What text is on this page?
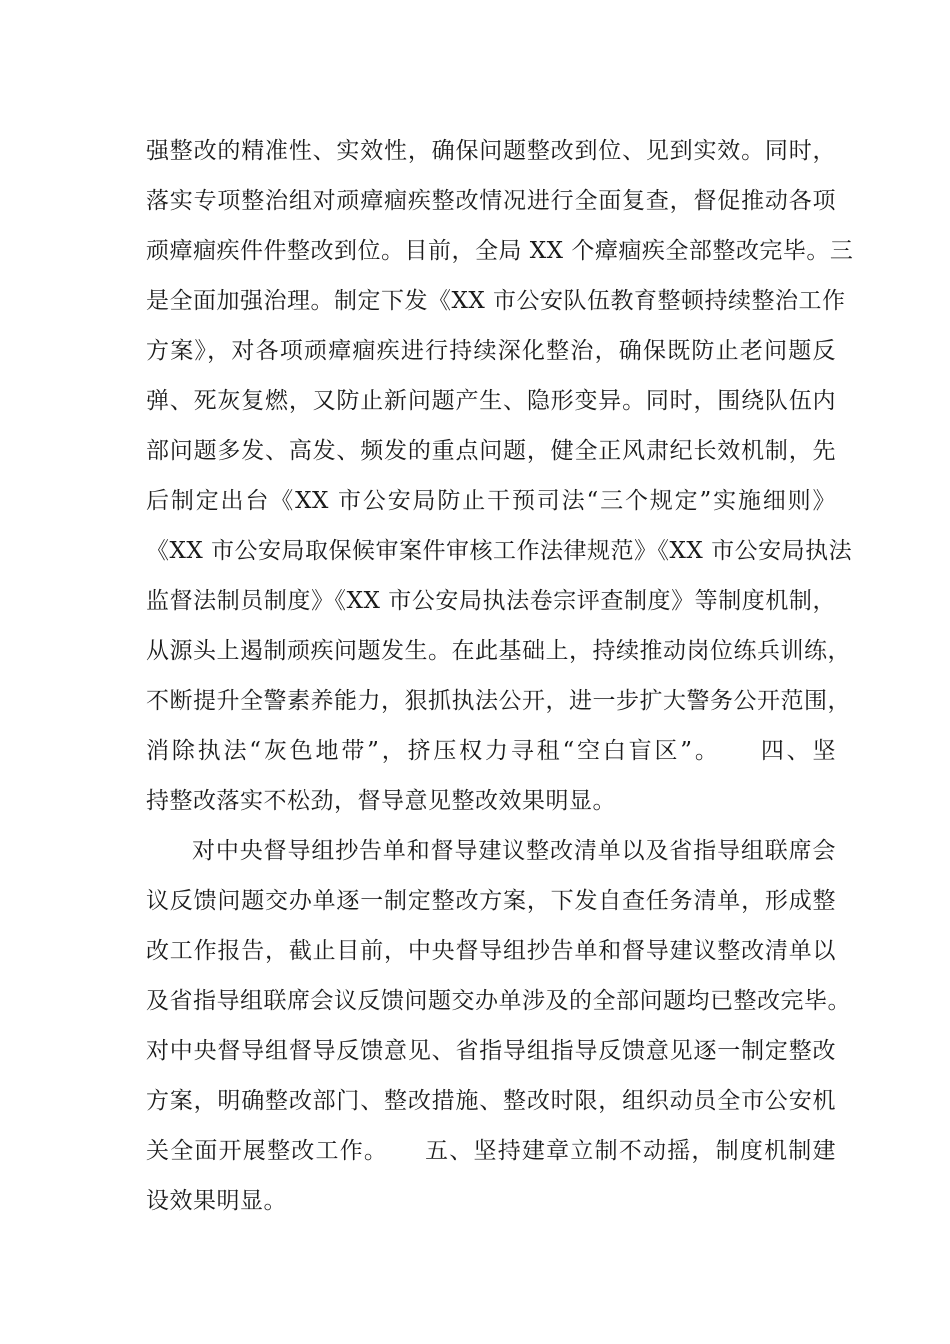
强整改的精准性、实效性，确保问题整改到位、见到实效。同时，
落实专项整治组对顽瘴痼疾整改情况进行全面复查，督促推动各项
顽瘴痼疾件件整改到位。目前，全局 XX 个瘴痼疾全部整改完毕。三
是全面加强治理。制定下发《XX 市公安队伍教育整顿持续整治工作
方案》，对各项顽瘴痼疾进行持续深化整治，确保既防止老问题反
弹、死灰复燃，又防止新问题产生、隐形变异。同时，围绕队伍内
部问题多发、高发、频发的重点问题，健全正风肃纪长效机制，先
后制定出台《XX 市公安局防止干预司法“三个规定”实施细则》
《XX 市公安局取保候审案件审核工作法律规范》《XX 市公安局执法
监督法制员制度》《XX 市公安局执法卷宗评查制度》等制度机制，
从源头上遏制顽疾问题发生。在此基础上，持续推动岗位练兵训练，
不断提升全警素养能力，狠抓执法公开，进一步扩大警务公开范围，
消除执法“灰色地带”，挤压权力寻租“空白盲区”。　　四、坚
持整改落实不松劲，督导意见整改效果明显。
对中央督导组抄告单和督导建议整改清单以及省指导组联席会
议反馈问题交办单逐一制定整改方案，下发自查任务清单，形成整
改工作报告，截止目前，中央督导组抄告单和督导建议整改清单以
及省指导组联席会议反馈问题交办单涉及的全部问题均已整改完毕。
对中央督导组督导反馈意见、省指导组指导反馈意见逐一制定整改
方案，明确整改部门、整改措施、整改时限，组织动员全市公安机
关全面开展整改工作。　　五、坚持建章立制不动摇，制度机制建
设效果明显。
